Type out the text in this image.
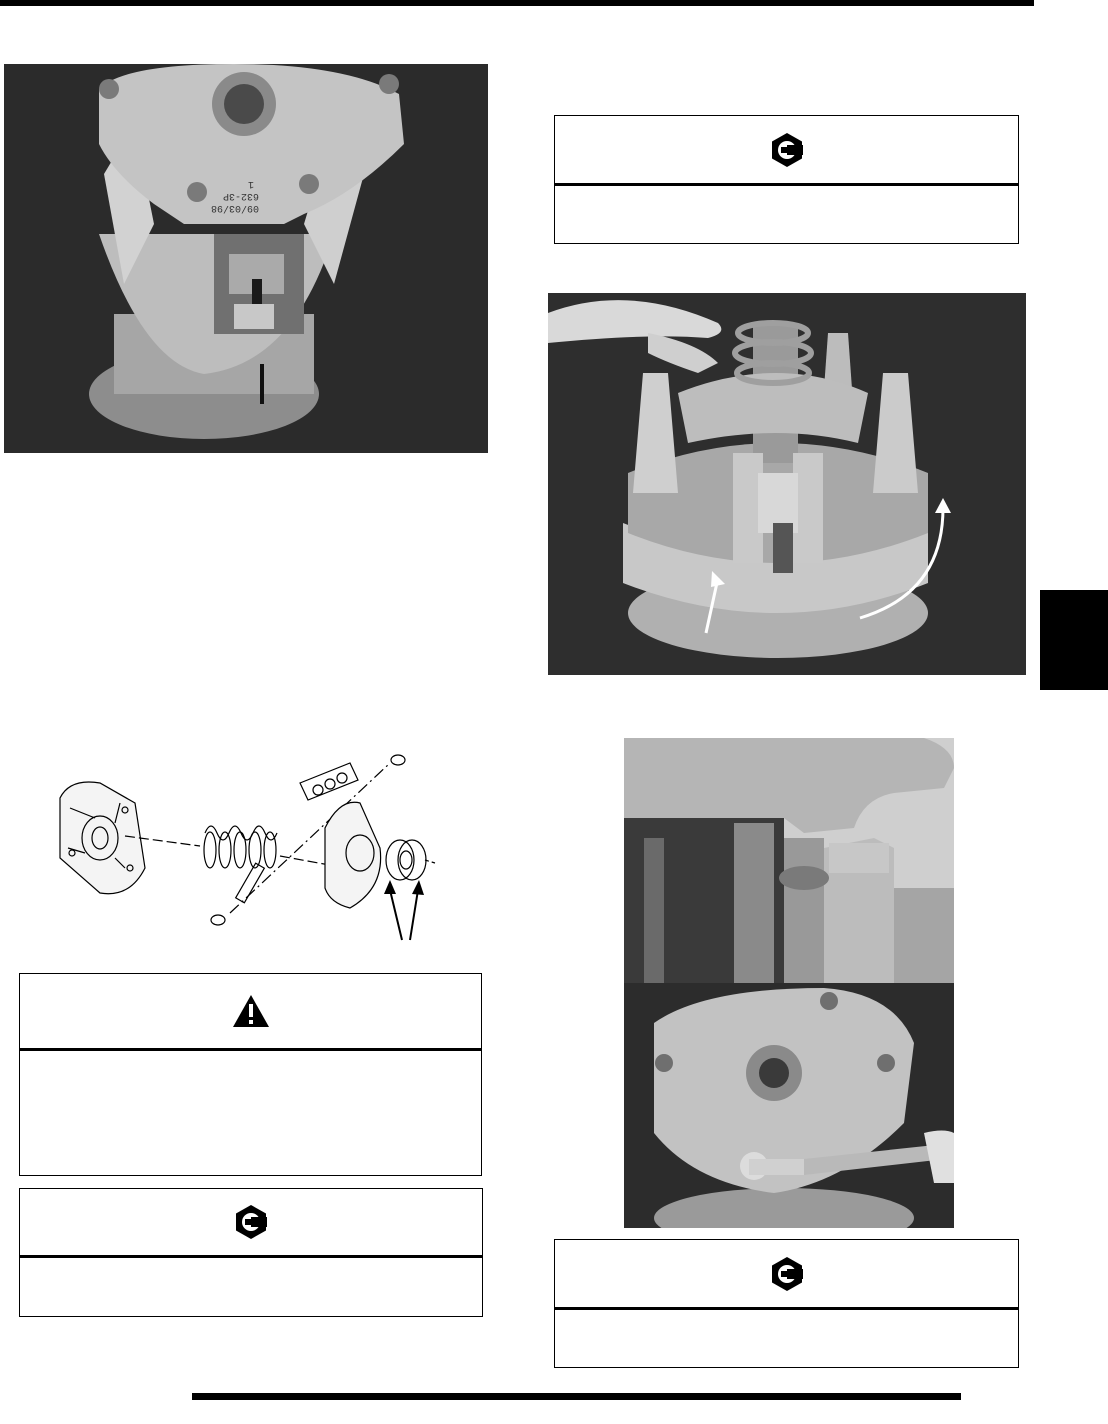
1
632-3P
09/03/98
